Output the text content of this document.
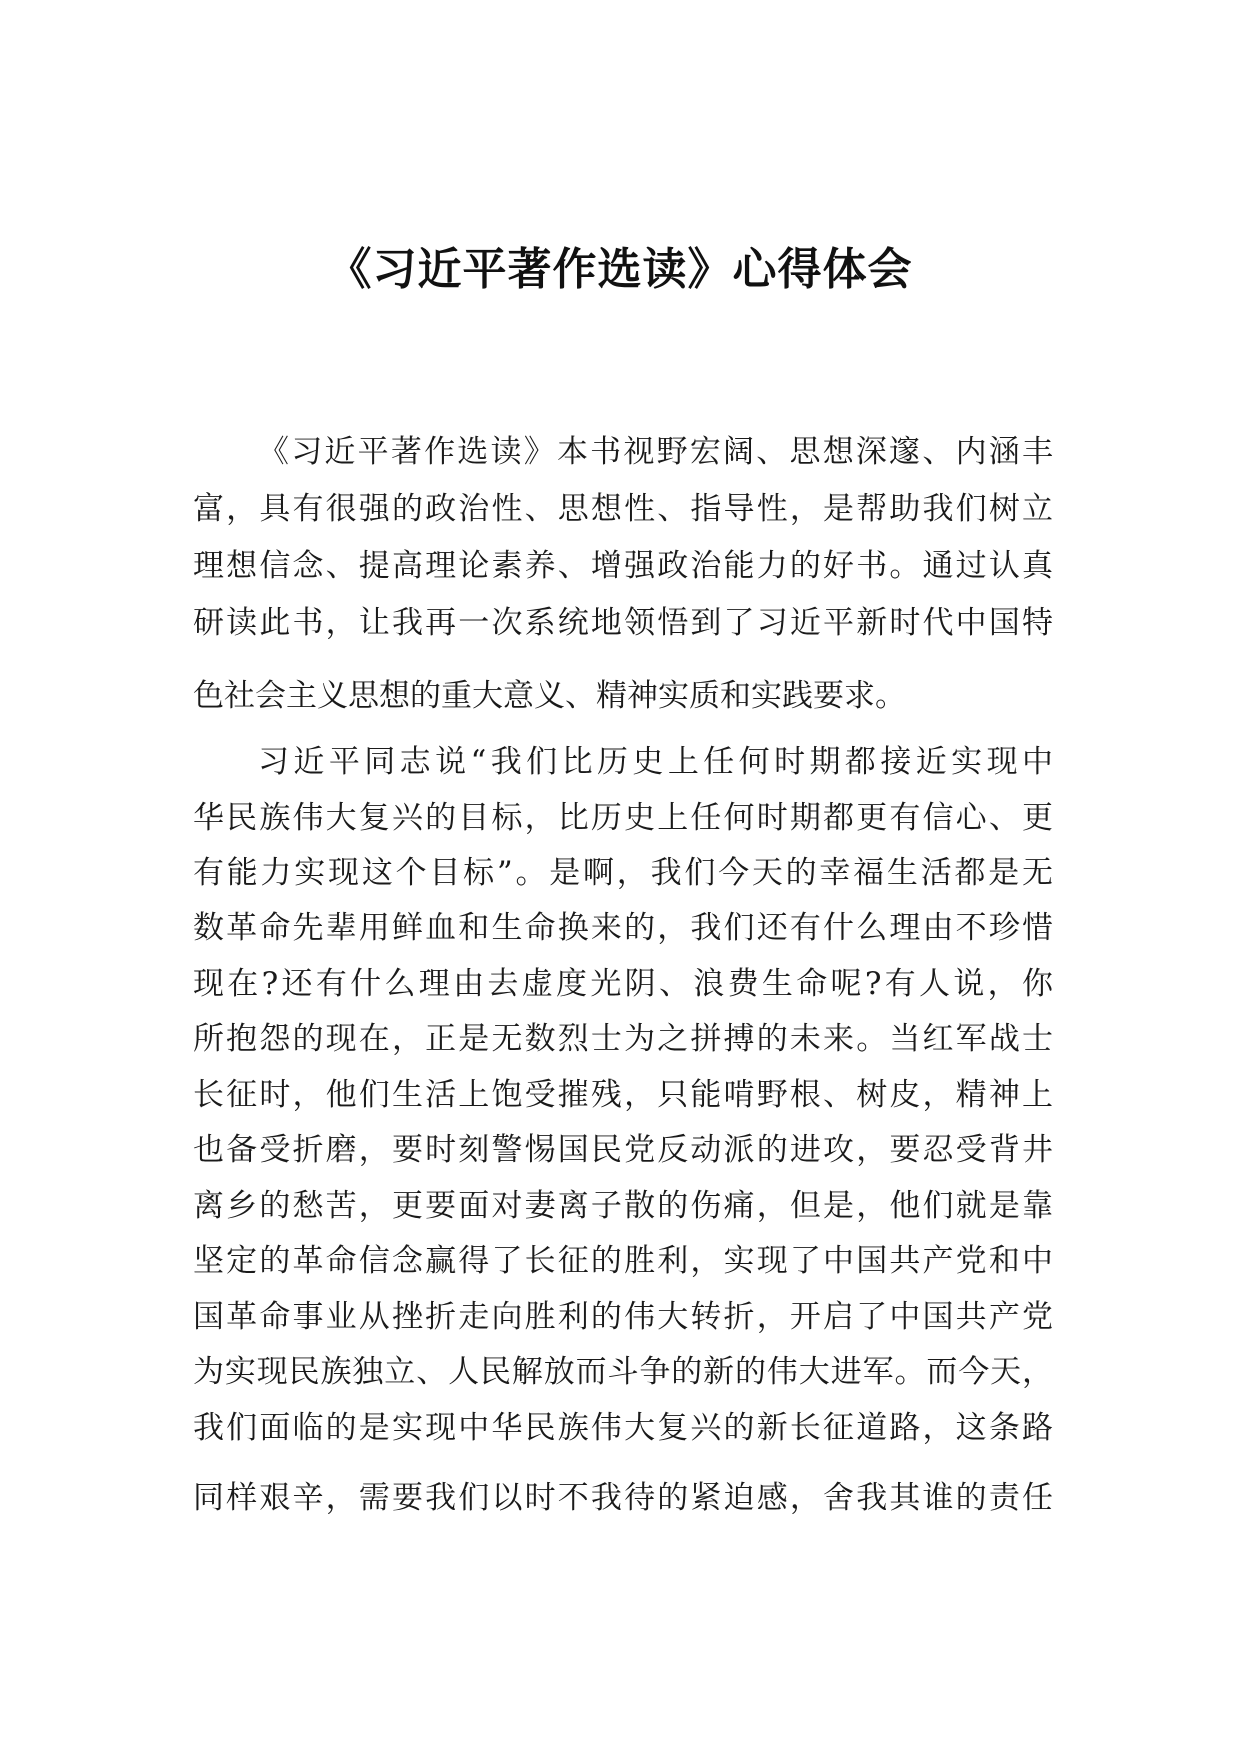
《习近平著作选读》心得体会
《习近平著作选读》本书视野宏阔、思想深邃、内涵丰
富，具有很强的政治性、思想性、指导性，是帮助我们树立
理想信念、提高理论素养、增强政治能力的好书。通过认真
研读此书，让我再一次系统地领悟到了习近平新时代中国特
色社会主义思想的重大意义、精神实质和实践要求。
习近平同志说“我们比历史上任何时期都接近实现中
华民族伟大复兴的目标，比历史上任何时期都更有信心、更
有能力实现这个目标”。是啊，我们今天的幸福生活都是无
数革命先辈用鲜血和生命换来的，我们还有什么理由不珍惜
现在?还有什么理由去虚度光阴、浪费生命呢?有人说，你
所抱怨的现在，正是无数烈士为之拼搏的未来。当红军战士
长征时，他们生活上饱受摧残，只能啃野根、树皮，精神上
也备受折磨，要时刻警惕国民党反动派的进攻，要忍受背井
离乡的愁苦，更要面对妻离子散的伤痛，但是，他们就是靠
坚定的革命信念赢得了长征的胜利，实现了中国共产党和中
国革命事业从挫折走向胜利的伟大转折，开启了中国共产党
为实现民族独立、人民解放而斗争的新的伟大进军。而今天，
我们面临的是实现中华民族伟大复兴的新长征道路，这条路
同样艰辛，需要我们以时不我待的紧迫感，舍我其谁的责任
